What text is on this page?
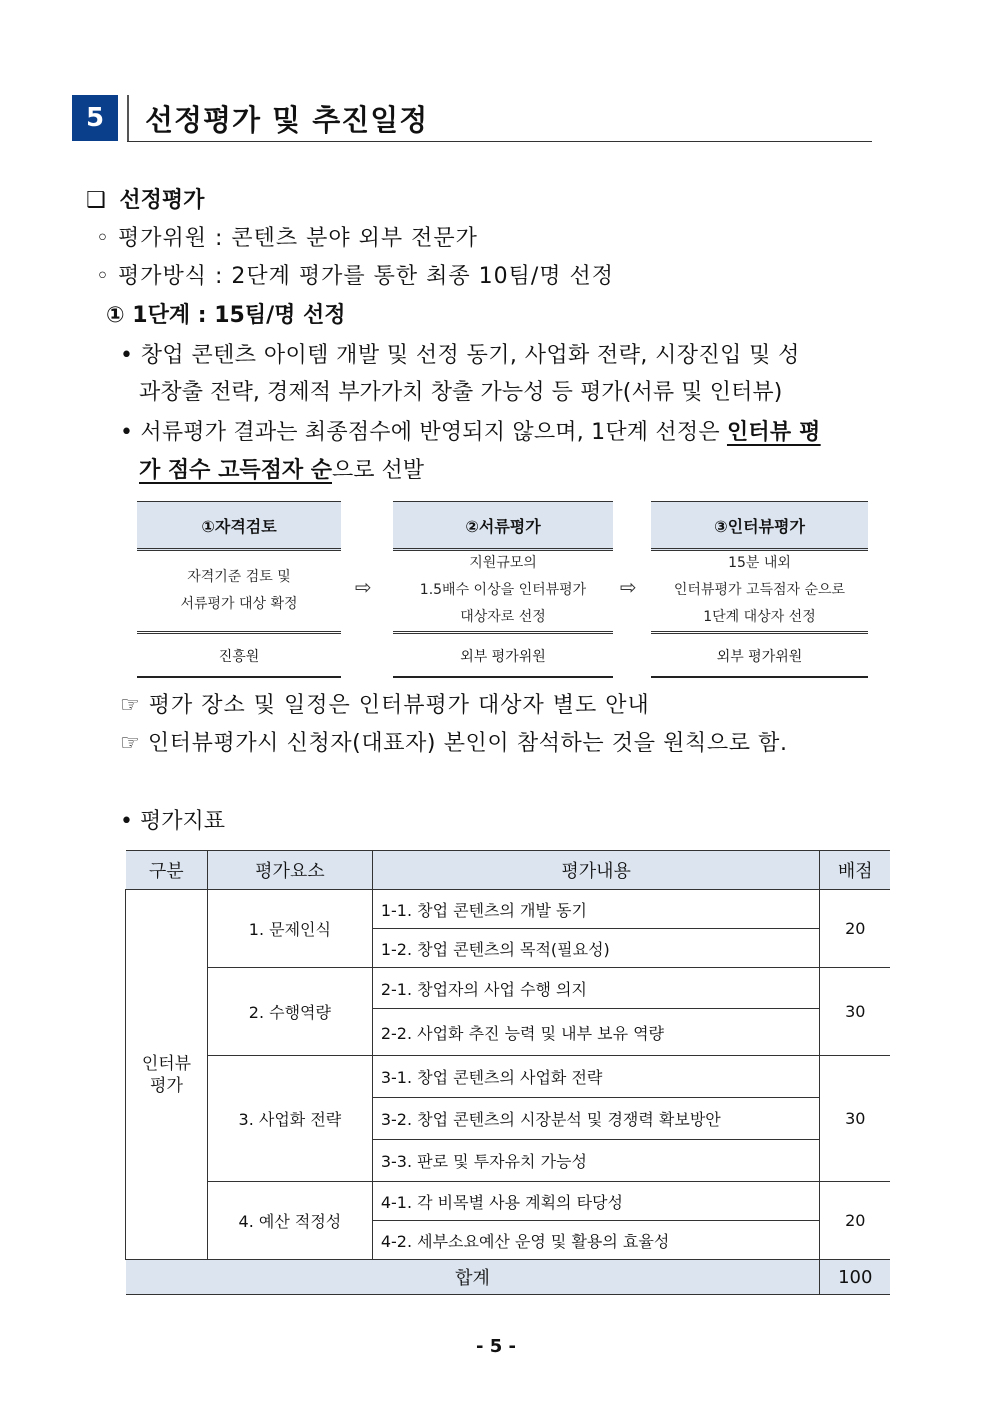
5	선정평가 및 추진일정
❑ 선정평가
◦ 평가위원 : 콘텐츠 분야 외부 전문가
◦ 평가방식 : 2단계 평가를 통한 최종 10팀/명 선정
① 1단계 : 15팀/명 선정
• 창업 콘텐츠 아이템 개발 및 선정 동기, 사업화 전략, 시장진입 및 성
과창출 전략, 경제적 부가가치 창출 가능성 등 평가(서류 및 인터뷰)
• 서류평가 결과는 최종점수에 반영되지 않으며, 1단계 선정은 인터뷰 평
가 점수 고득점자 순으로 선발
①자격검토
자격기준 검토 및
서류평가 대상 확정
진흥원
⇨
②서류평가
지원규모의
1.5배수 이상을 인터뷰평가
대상자로 선정
외부 평가위원
⇨
③인터뷰평가
15분 내외
인터뷰평가 고득점자 순으로
1단계 대상자 선정
외부 평가위원
☞ 평가 장소 및 일정은 인터뷰평가 대상자 별도 안내
☞ 인터뷰평가시 신청자(대표자) 본인이 참석하는 것을 원칙으로 함.
• 평가지표
구분	평가요소	평가내용	배점
인터뷰
평가	1. 문제인식	1-1. 창업 콘텐츠의 개발 동기	20
		1-2. 창업 콘텐츠의 목적(필요성)	
	2. 수행역량	2-1. 창업자의 사업 수행 의지	30
		2-2. 사업화 추진 능력 및 내부 보유 역량	
	3. 사업화 전략	3-1. 창업 콘텐츠의 사업화 전략	30
		3-2. 창업 콘텐츠의 시장분석 및 경쟁력 확보방안	
		3-3. 판로 및 투자유치 가능성	
	4. 예산 적정성	4-1. 각 비목별 사용 계획의 타당성	20
		4-2. 세부소요예산 운영 및 활용의 효율성	
합계			100
- 5 -
